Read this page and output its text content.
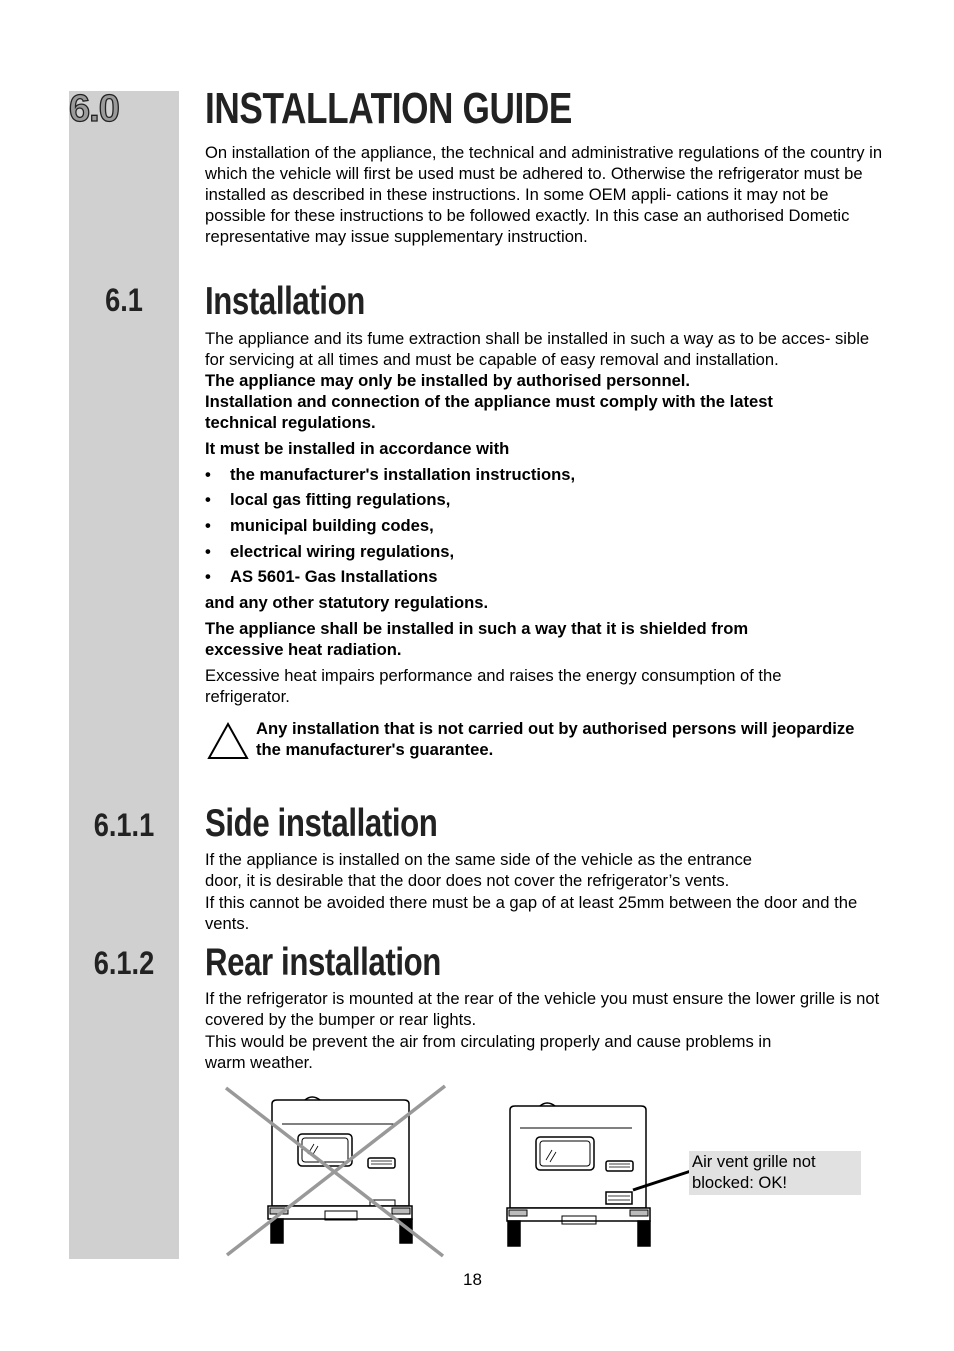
6.0	INSTALLATION GUIDE

On installation of the appliance, the technical and administrative regulations of the country in which the vehicle will first be used must be adhered to. Otherwise the refrigerator must be installed as described in these instructions. In some OEM appli- cations it may not be possible for these instructions to be followed exactly. In this case an authorised Dometic representative may issue supplementary instruction.

6.1	Installation

The appliance and its fume extraction shall be installed in such a way as to be acces- sible for servicing at all times and must be capable of easy removal and installation.

The appliance may only be installed by authorised personnel.

Installation and connection of the appliance must comply with the latest technical regulations.

It must be installed in accordance with

• the manufacturer's installation instructions,
• local gas fitting regulations,
• municipal building codes,
• electrical wiring regulations,
• AS 5601- Gas Installations

and any other statutory regulations.

The appliance shall be installed in such a way that it is shielded from excessive heat radiation.

Excessive heat impairs performance and raises the energy consumption of the refrigerator.

Any installation that is not carried out by authorised persons will jeopardize the manufacturer's guarantee.
6.1.1	Side installation

If the appliance is installed on the same side of the vehicle as the entrance

door, it is desirable that the door does not cover the refrigerator’s vents.

If this cannot be avoided there must be a gap of at least 25mm between the door and the vents.

6.1.2	Rear installation

If the refrigerator is mounted at the rear of the vehicle you must ensure the lower grille is not covered by the bumper or rear lights.

This would be prevent the air from circulating properly and cause problems in

warm weather.

Air vent grille not
blocked: OK!
18
